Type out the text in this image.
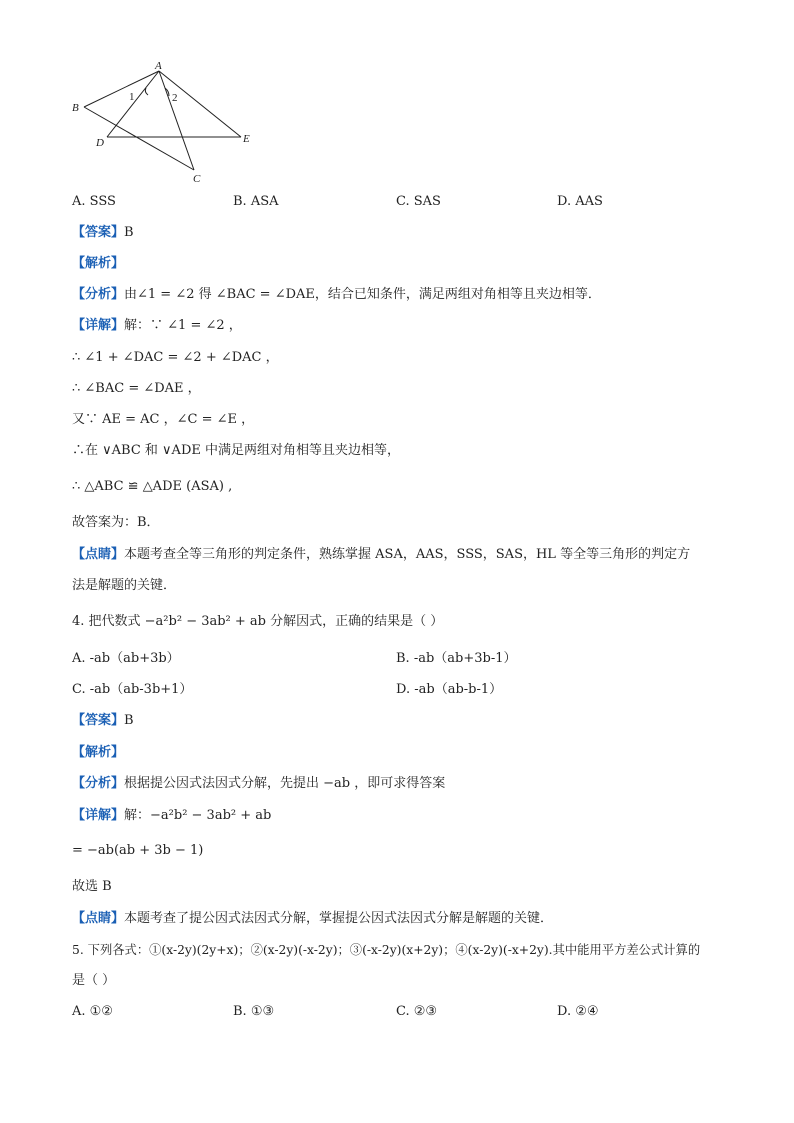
A
B
D	E
C
1	2
A. SSS	B. ASA	C. SAS	D. AAS
【答案】B
【解析】
【分析】由∠1 = ∠2 得 ∠BAC = ∠DAE，结合已知条件，满足两组对角相等且夹边相等．
【详解】解：∵ ∠1 = ∠2 ，
∴ ∠1 + ∠DAC = ∠2 + ∠DAC ，
∴ ∠BAC = ∠DAE ，
又∵ AE = AC ，∠C = ∠E ，
∴在 ∨ABC 和 ∨ADE 中满足两组对角相等且夹边相等，
∴ △ABC ≌ △ADE (ASA) ,
故答案为：B．
【点睛】本题考查全等三角形的判定条件，熟练掌握 ASA，AAS，SSS，SAS，HL 等全等三角形的判定方
法是解题的关键．
4. 把代数式 −a²b² − 3ab² + ab 分解因式，正确的结果是（ ）
A. -ab（ab+3b）	B. -ab（ab+3b-1）
C. -ab（ab-3b+1）	D. -ab（ab-b-1）
【答案】B
【解析】
【分析】根据提公因式法因式分解，先提出 −ab ，即可求得答案
【详解】解：−a²b² − 3ab² + ab
= −ab(ab + 3b − 1)
故选 B
【点睛】本题考查了提公因式法因式分解，掌握提公因式法因式分解是解题的关键．
5. 下列各式：①(x-2y)(2y+x)；②(x-2y)(-x-2y)；③(-x-2y)(x+2y)；④(x-2y)(-x+2y).其中能用平方差公式计算的
是（ ）
A. ①②	B. ①③	C. ②③	D. ②④
